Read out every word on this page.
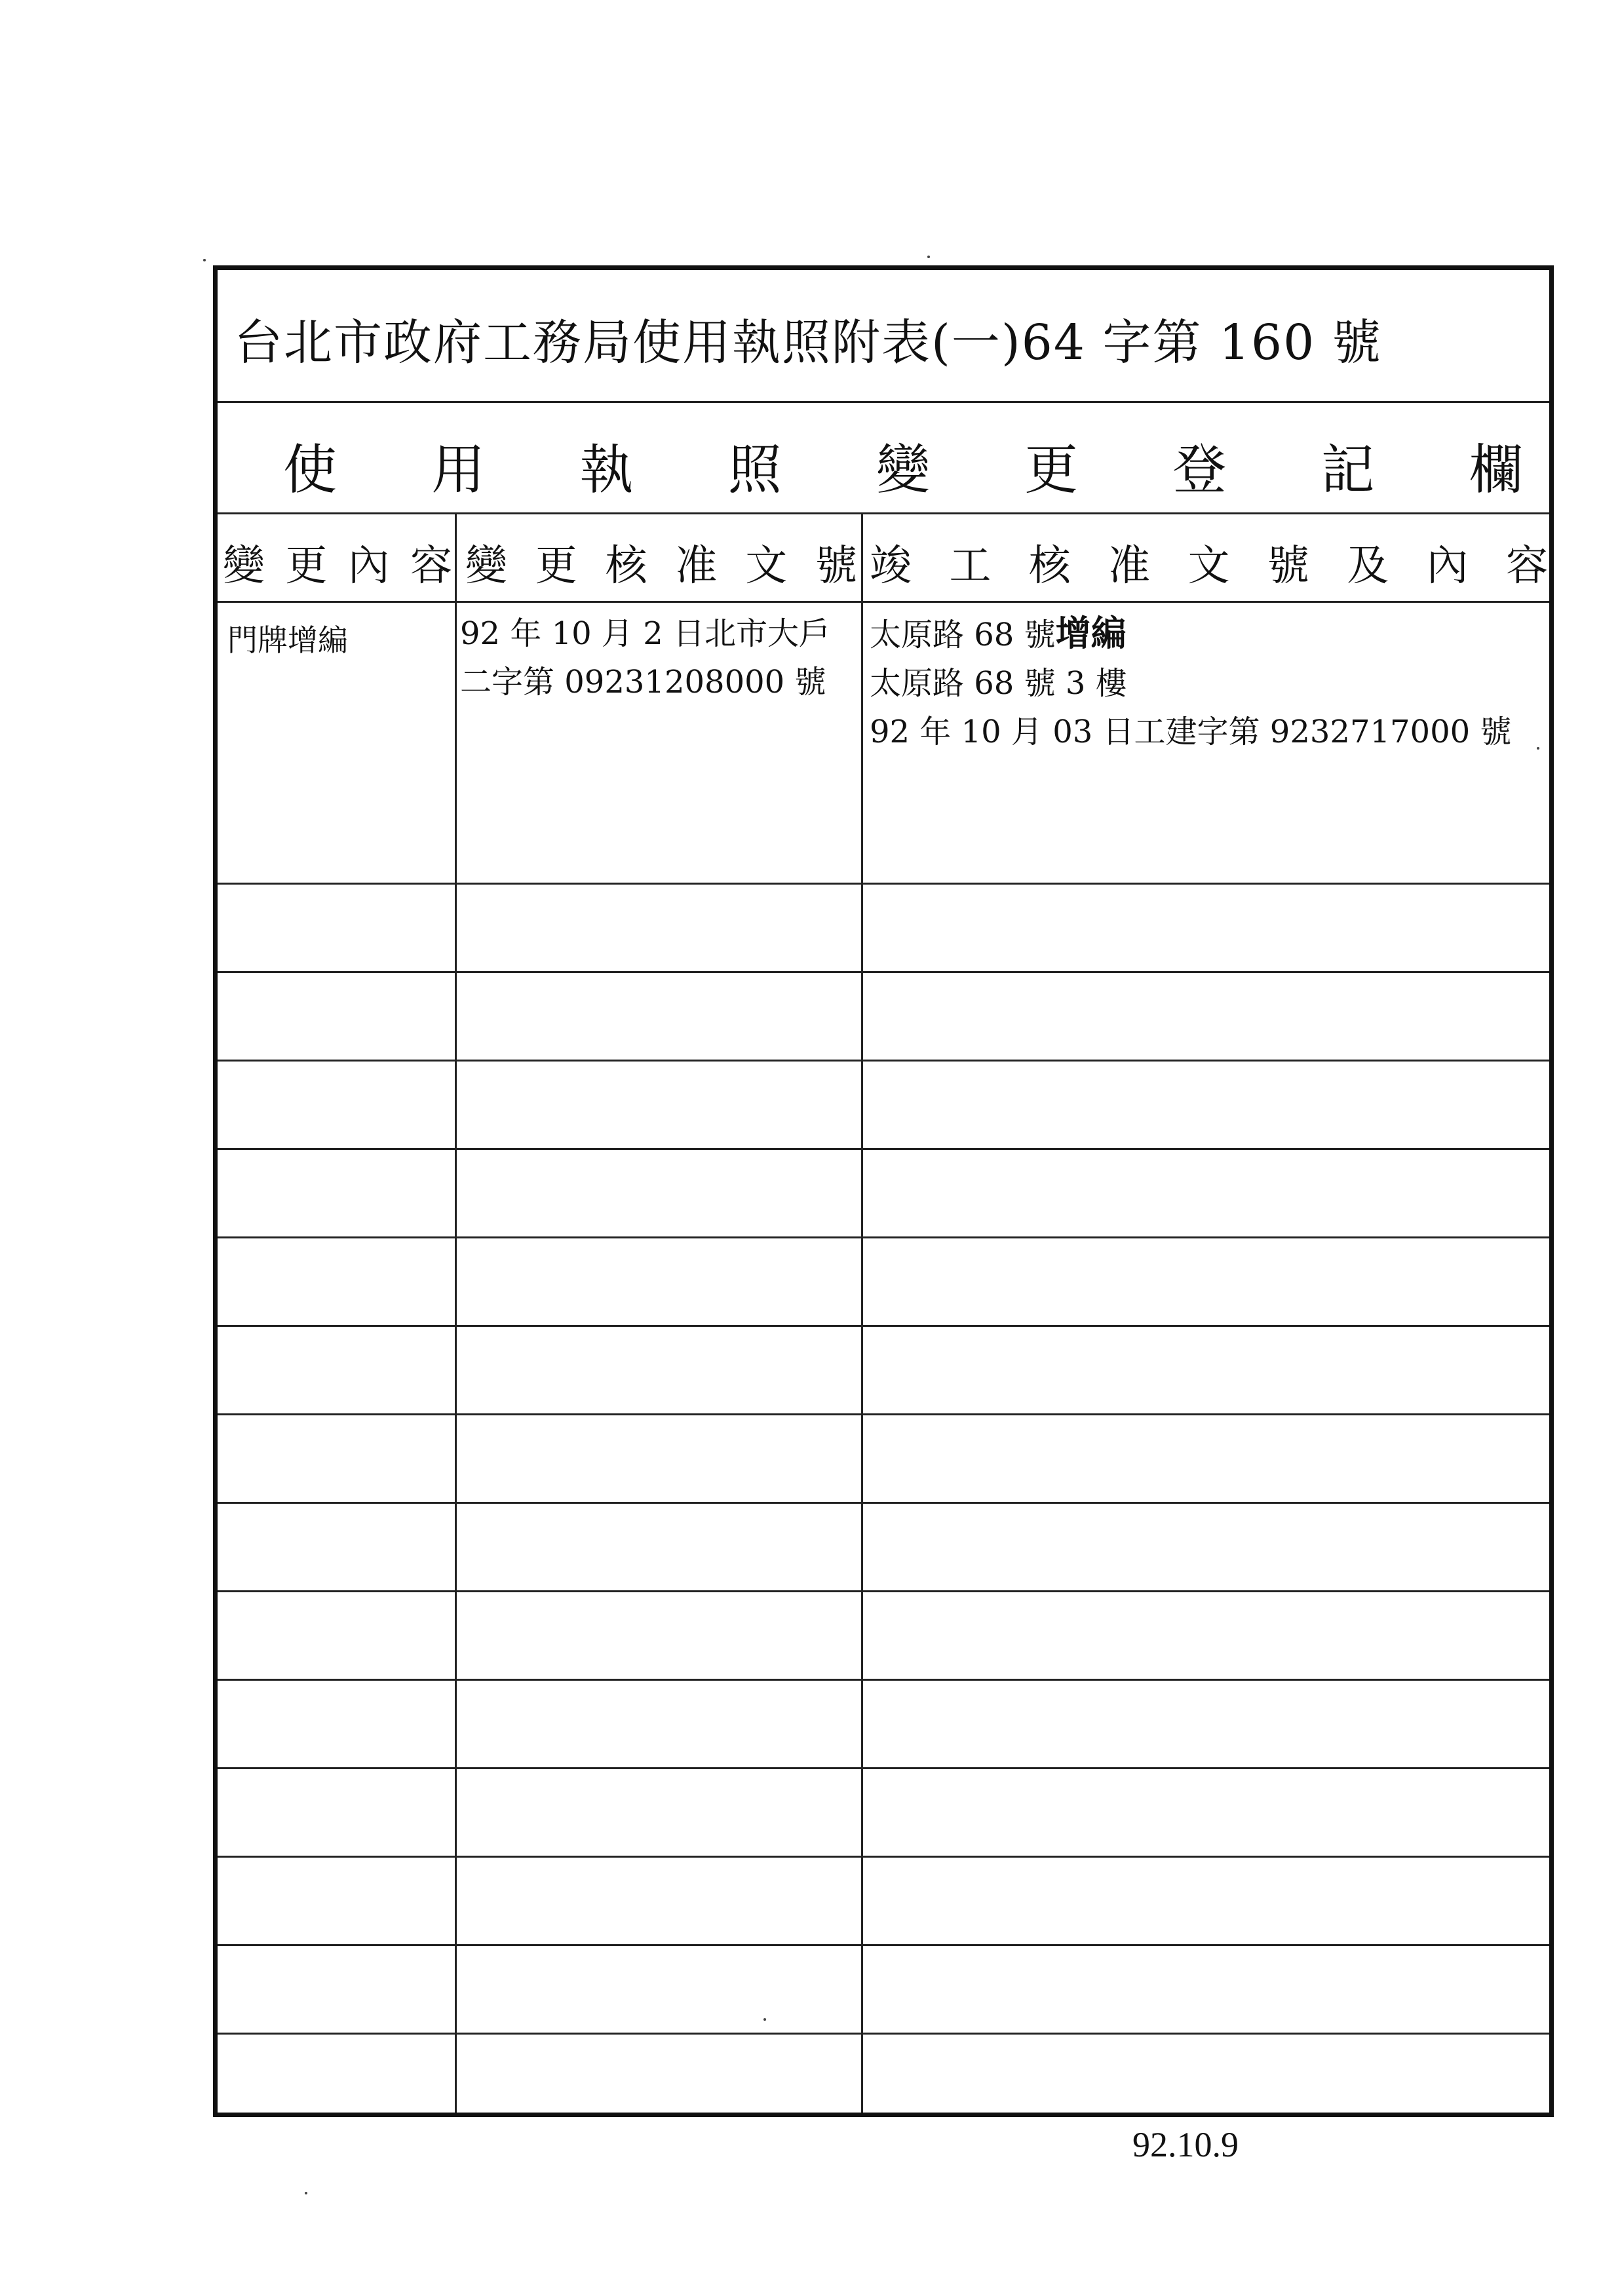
台北市政府工務局使用執照附表(一)64 字第 160 號
使 用 執 照 變 更 登 記 欄
變 更 內 容 變 更 核 准 文 號 竣 工 核 准 文 號 及 內 容
門牌增編	92 年 10 月 2 日北市大戶
二字第 09231208000 號
太原路 68 號增編
太原路 68 號 3 樓
92 年 10 月 03 日工建字第 9232717000 號
92.10.9
